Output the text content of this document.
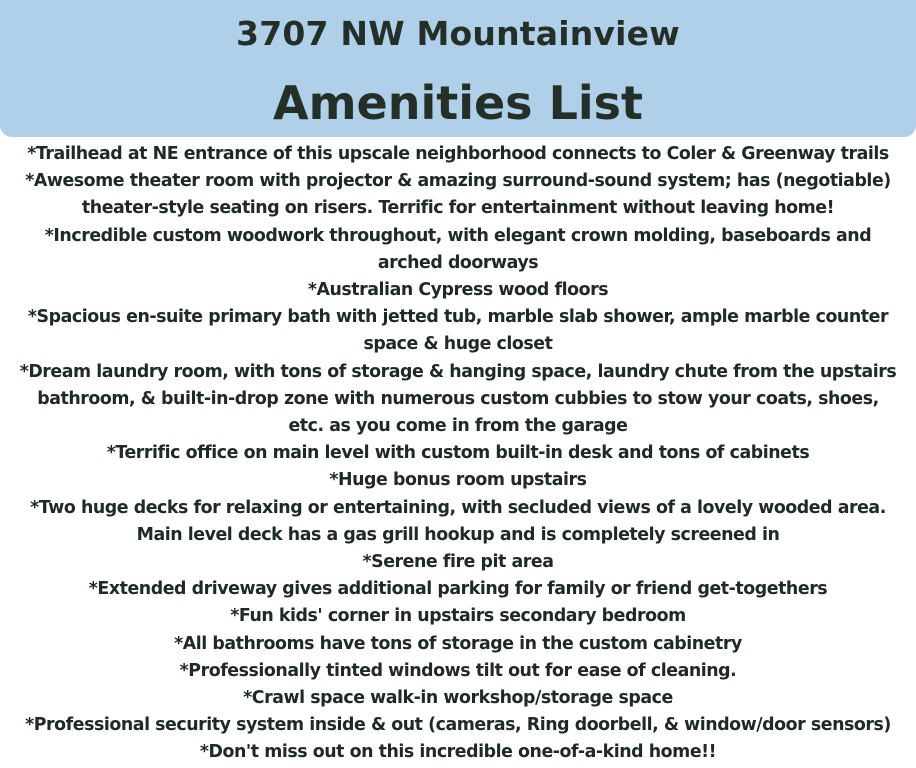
3707 NW Mountainview
Amenities List
*Trailhead at NE entrance of this upscale neighborhood connects to Coler & Greenway trails
*Awesome theater room with projector & amazing surround-sound system; has (negotiable)
theater-style seating on risers. Terrific for entertainment without leaving home!
*Incredible custom woodwork throughout, with elegant crown molding, baseboards and
arched doorways
*Australian Cypress wood floors
*Spacious en-suite primary bath with jetted tub, marble slab shower, ample marble counter
space & huge closet
*Dream laundry room, with tons of storage & hanging space, laundry chute from the upstairs
bathroom, & built-in-drop zone with numerous custom cubbies to stow your coats, shoes,
etc. as you come in from the garage
*Terrific office on main level with custom built-in desk and tons of cabinets
*Huge bonus room upstairs
*Two huge decks for relaxing or entertaining, with secluded views of a lovely wooded area.
Main level deck has a gas grill hookup and is completely screened in
*Serene fire pit area
*Extended driveway gives additional parking for family or friend get-togethers
*Fun kids' corner in upstairs secondary bedroom
*All bathrooms have tons of storage in the custom cabinetry
*Professionally tinted windows tilt out for ease of cleaning.
*Crawl space walk-in workshop/storage space
*Professional security system inside & out (cameras, Ring doorbell, & window/door sensors)
*Don't miss out on this incredible one-of-a-kind home!!
